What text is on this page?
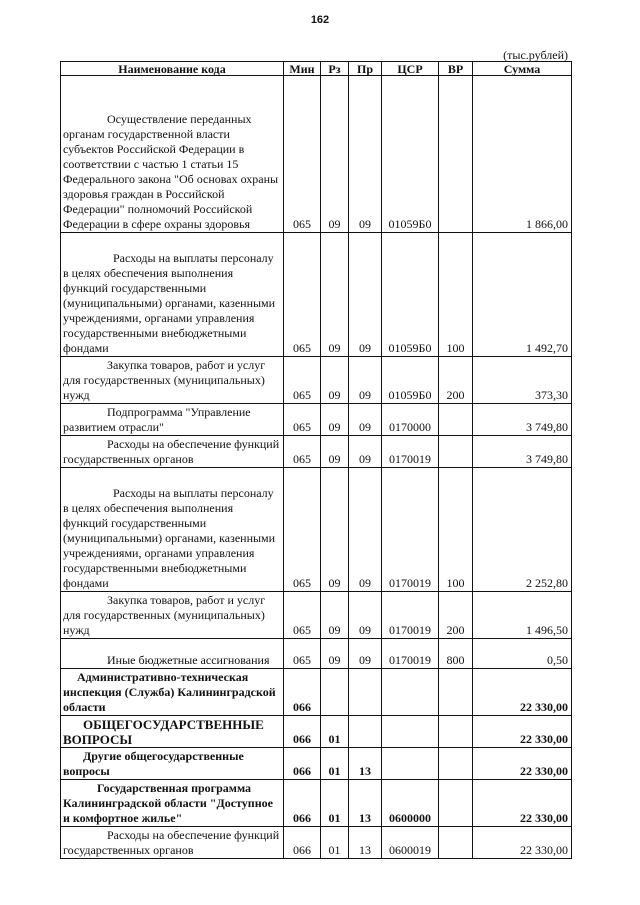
162
(тыс.рублей)
Наименование кода	Мин	Рз	Пр	ЦСР	ВР	Сумма
Осуществление переданных органам государственной власти субъектов Российской Федерации в соответствии с частью 1 статьи 15 Федерального закона "Об основах охраны здоровья граждан в Российской Федерации" полномочий Российской Федерации в сфере охраны здоровья	065	09	09	01059Б0		1 866,00
Расходы на выплаты персоналу в целях обеспечения выполнения функций государственными (муниципальными) органами, казенными учреждениями, органами управления государственными внебюджетными фондами	065	09	09	01059Б0	100	1 492,70
Закупка товаров, работ и услуг для государственных (муниципальных) нужд	065	09	09	01059Б0	200	373,30
Подпрограмма "Управление развитием отрасли"	065	09	09	0170000		3 749,80
Расходы на обеспечение функций государственных органов	065	09	09	0170019		3 749,80
Расходы на выплаты персоналу в целях обеспечения выполнения функций государственными (муниципальными) органами, казенными учреждениями, органами управления государственными внебюджетными фондами	065	09	09	0170019	100	2 252,80
Закупка товаров, работ и услуг для государственных (муниципальных) нужд	065	09	09	0170019	200	1 496,50
Иные бюджетные ассигнования	065	09	09	0170019	800	0,50
Административно-техническая инспекция (Служба) Калининградской области	066					22 330,00
ОБЩЕГОСУДАРСТВЕННЫЕ ВОПРОСЫ	066	01				22 330,00
Другие общегосударственные вопросы	066	01	13			22 330,00
Государственная программа Калининградской области "Доступное и комфортное жилье"	066	01	13	0600000		22 330,00
Расходы на обеспечение функций государственных органов	066	01	13	0600019		22 330,00
